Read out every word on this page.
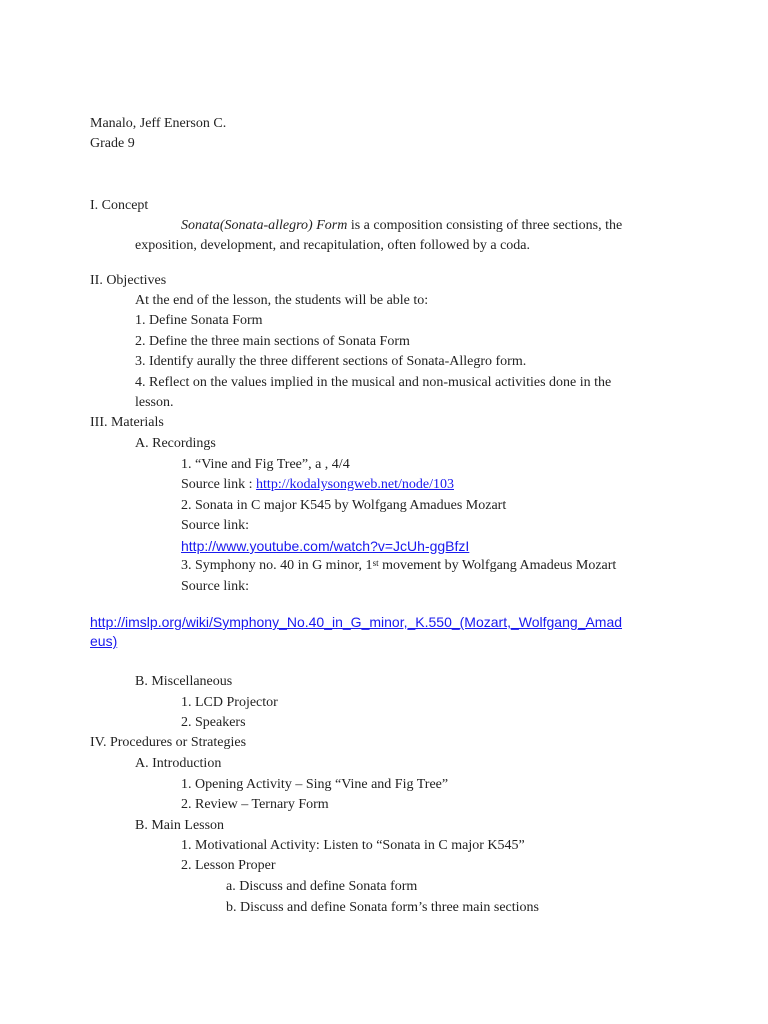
Manalo, Jeff Enerson C.
Grade 9
I. Concept
Sonata(Sonata-allegro) Form is a composition consisting of three sections, the
exposition, development, and recapitulation, often followed by a coda.
II. Objectives
At the end of the lesson, the students will be able to:
1. Define Sonata Form
2. Define the three main sections of Sonata Form
3. Identify aurally the three different sections of Sonata-Allegro form.
4. Reflect on the values implied in the musical and non-musical activities done in the
lesson.
III. Materials
A. Recordings
1. “Vine and Fig Tree”, a , 4/4
Source link : http://kodalysongweb.net/node/103
2. Sonata in C major K545 by Wolfgang Amadues Mozart
Source link:
http://www.youtube.com/watch?v=JcUh-ggBfzI
3. Symphony no. 40 in G minor, 1st movement by Wolfgang Amadeus Mozart
Source link:
http://imslp.org/wiki/Symphony_No.40_in_G_minor,_K.550_(Mozart,_Wolfgang_Amad
eus)
B. Miscellaneous
1. LCD Projector
2. Speakers
IV. Procedures or Strategies
A. Introduction
1. Opening Activity – Sing “Vine and Fig Tree”
2. Review – Ternary Form
B. Main Lesson
1. Motivational Activity: Listen to “Sonata in C major K545”
2. Lesson Proper
a. Discuss and define Sonata form
b. Discuss and define Sonata form’s three main sections
